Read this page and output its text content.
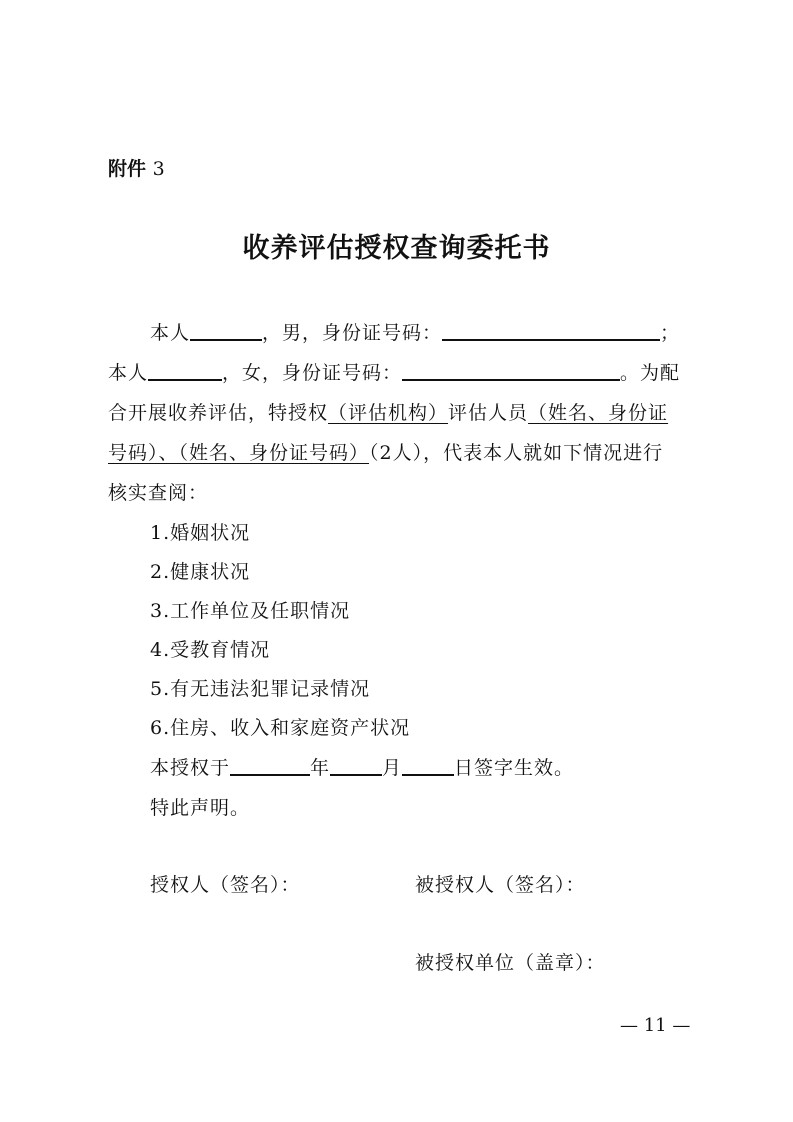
附件 3
收养评估授权查询委托书
本人	，男，身份证号码：	；
本人	，女，身份证号码：	。为配
合开展收养评估，特授权（评估机构）评估人员（姓名、身份证
号码）、（姓名、身份证号码）（2人），代表本人就如下情况进行
核实查阅：
1.婚姻状况
2.健康状况
3.工作单位及任职情况
4.受教育情况
5.有无违法犯罪记录情况
6.住房、收入和家庭资产状况
本授权于	年	月	日签字生效。
特此声明。
授权人（签名）：	被授权人（签名）：
被授权单位（盖章）：
— 11 —
